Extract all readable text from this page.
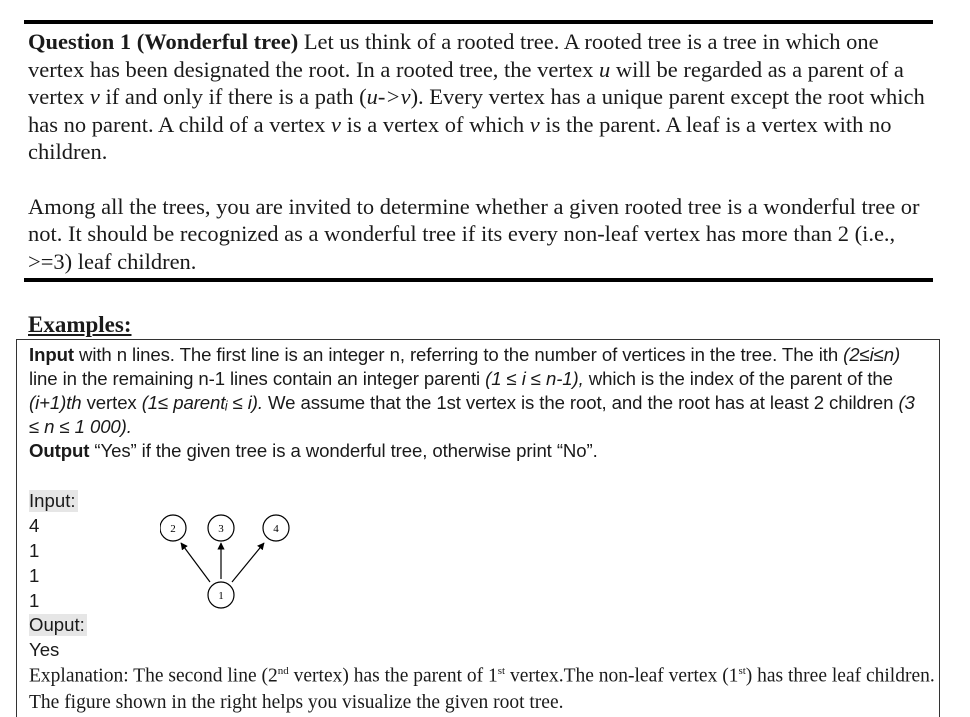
Question 1 (Wonderful tree) Let us think of a rooted tree. A rooted tree is a tree in which one vertex has been designated the root. In a rooted tree, the vertex u will be regarded as a parent of a vertex v if and only if there is a path (u->v). Every vertex has a unique parent except the root which has no parent. A child of a vertex v is a vertex of which v is the parent. A leaf is a vertex with no children.

Among all the trees, you are invited to determine whether a given rooted tree is a wonderful tree or not. It should be recognized as a wonderful tree if its every non-leaf vertex has more than 2 (i.e., >=3) leaf children.

Examples:

Input with n lines. The first line is an integer n, referring to the number of vertices in the tree. The ith (2≤i≤n) line in the remaining n-1 lines contain an integer parenti (1 ≤ i ≤ n-1), which is the index of the parent of the (i+1)th vertex (1≤ parentᵢ ≤ i). We assume that the 1st vertex is the root, and the root has at least 2 children (3 ≤ n ≤ 1 000).

Output “Yes” if the given tree is a wonderful tree, otherwise print “No”.

Input:
4
1
1
1
Ouput:
Yes
2	3	4
1

Explanation: The second line (2nd vertex) has the parent of 1st vertex.The non-leaf vertex (1st) has three leaf children. The figure shown in the right helps you visualize the given root tree.
